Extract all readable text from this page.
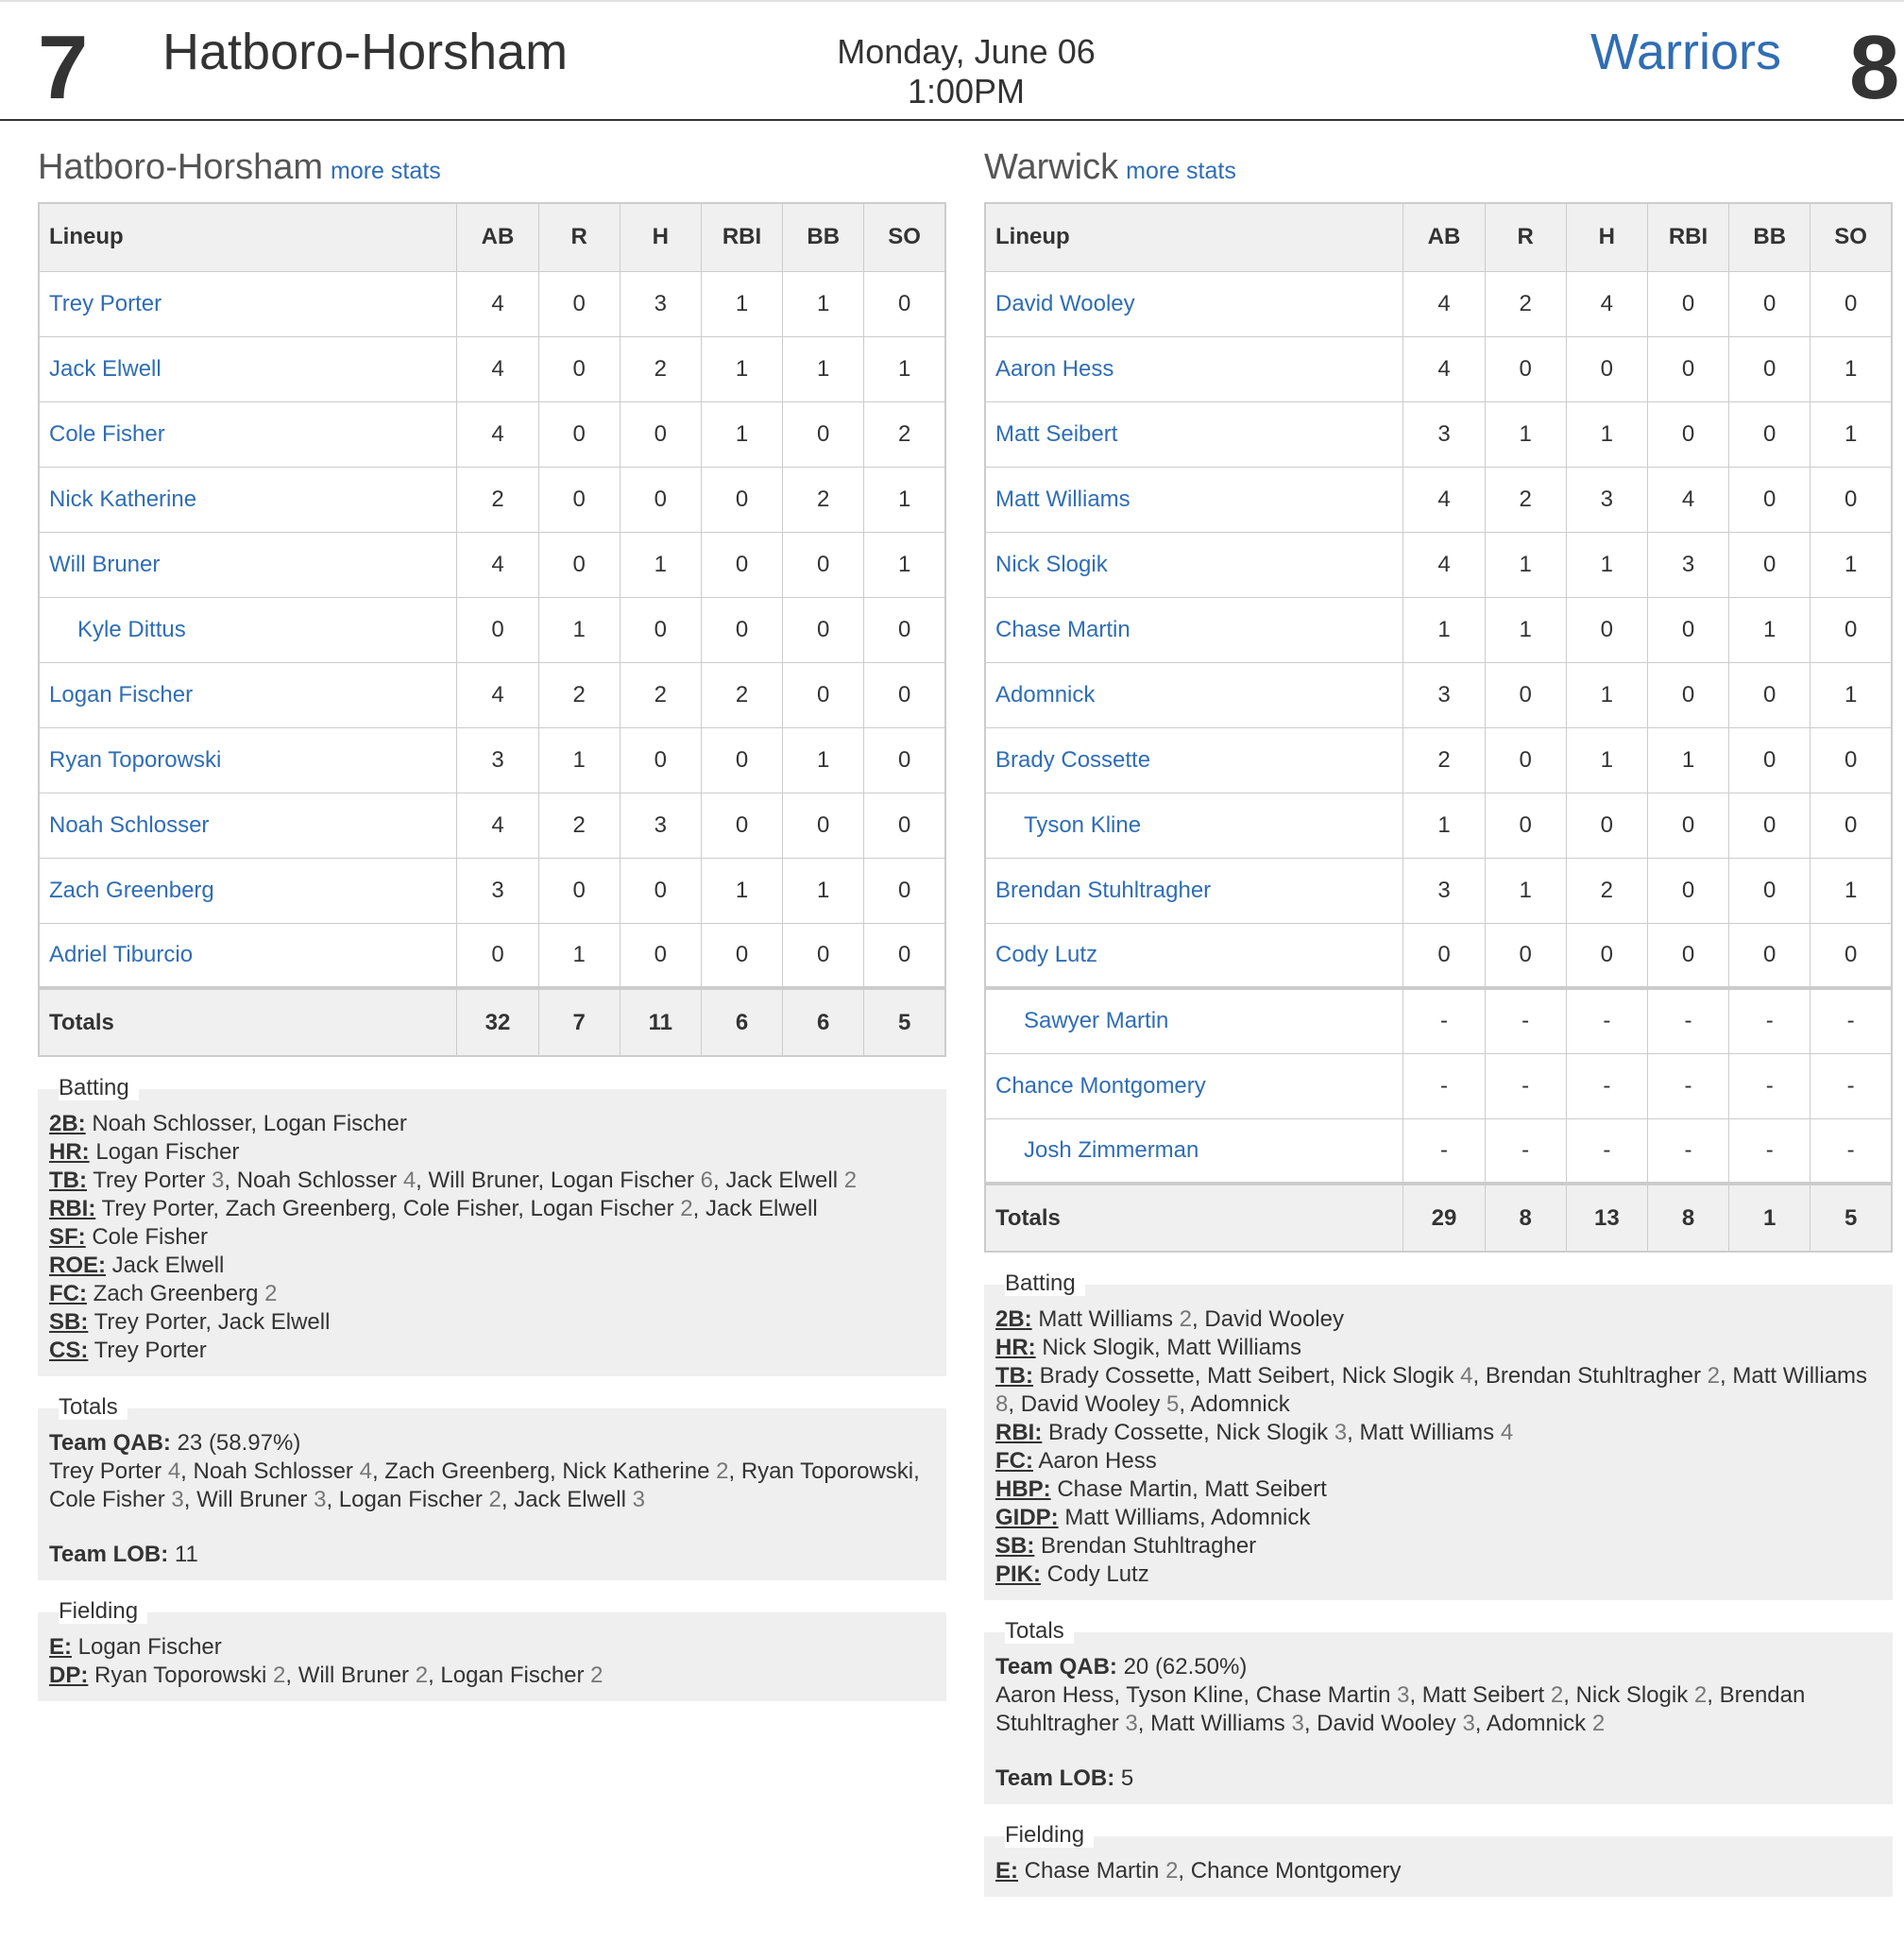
7 Hatboro-Horsham	Monday, June 06
1:00PM
Warriors 8
Hatboro-Horsham more stats
Lineup	AB	R	H	RBI	BB	SO
Trey Porter	4	0	3	1	1	0
Jack Elwell	4	0	2	1	1	1
Cole Fisher	4	0	0	1	0	2
Nick Katherine	2	0	0	0	2	1
Will Bruner	4	0	1	0	0	1
Kyle Dittus	0	1	0	0	0	0
Logan Fischer	4	2	2	2	0	0
Ryan Toporowski	3	1	0	0	1	0
Noah Schlosser	4	2	3	0	0	0
Zach Greenberg	3	0	0	1	1	0
Adriel Tiburcio	0	1	0	0	0	0
Totals	32	7	11	6	6	5
Batting
2B: Noah Schlosser, Logan Fischer
HR: Logan Fischer
TB: Trey Porter 3, Noah Schlosser 4, Will Bruner, Logan Fischer 6, Jack Elwell 2
RBI: Trey Porter, Zach Greenberg, Cole Fisher, Logan Fischer 2, Jack Elwell
SF: Cole Fisher
ROE: Jack Elwell
FC: Zach Greenberg 2
SB: Trey Porter, Jack Elwell
CS: Trey Porter
Totals
Team QAB: 23 (58.97%)
Trey Porter 4, Noah Schlosser 4, Zach Greenberg, Nick Katherine 2, Ryan Toporowski, Cole Fisher 3, Will Bruner 3, Logan Fischer 2, Jack Elwell 3
Team LOB: 11
Fielding
E: Logan Fischer
DP: Ryan Toporowski 2, Will Bruner 2, Logan Fischer 2
Warwick more stats
Lineup	AB	R	H	RBI	BB	SO
David Wooley	4	2	4	0	0	0
Aaron Hess	4	0	0	0	0	1
Matt Seibert	3	1	1	0	0	1
Matt Williams	4	2	3	4	0	0
Nick Slogik	4	1	1	3	0	1
Chase Martin	1	1	0	0	1	0
Adomnick	3	0	1	0	0	1
Brady Cossette	2	0	1	1	0	0
Tyson Kline	1	0	0	0	0	0
Brendan Stuhltragher	3	1	2	0	0	1
Cody Lutz	0	0	0	0	0	0
Sawyer Martin	-	-	-	-	-	-
Chance Montgomery	-	-	-	-	-	-
Josh Zimmerman	-	-	-	-	-	-
Totals	29	8	13	8	1	5
Batting
2B: Matt Williams 2, David Wooley
HR: Nick Slogik, Matt Williams
TB: Brady Cossette, Matt Seibert, Nick Slogik 4, Brendan Stuhltragher 2, Matt Williams 8, David Wooley 5, Adomnick
RBI: Brady Cossette, Nick Slogik 3, Matt Williams 4
FC: Aaron Hess
HBP: Chase Martin, Matt Seibert
GIDP: Matt Williams, Adomnick
SB: Brendan Stuhltragher
PIK: Cody Lutz
Totals
Team QAB: 20 (62.50%)
Aaron Hess, Tyson Kline, Chase Martin 3, Matt Seibert 2, Nick Slogik 2, Brendan Stuhltragher 3, Matt Williams 3, David Wooley 3, Adomnick 2
Team LOB: 5
Fielding
E: Chase Martin 2, Chance Montgomery
